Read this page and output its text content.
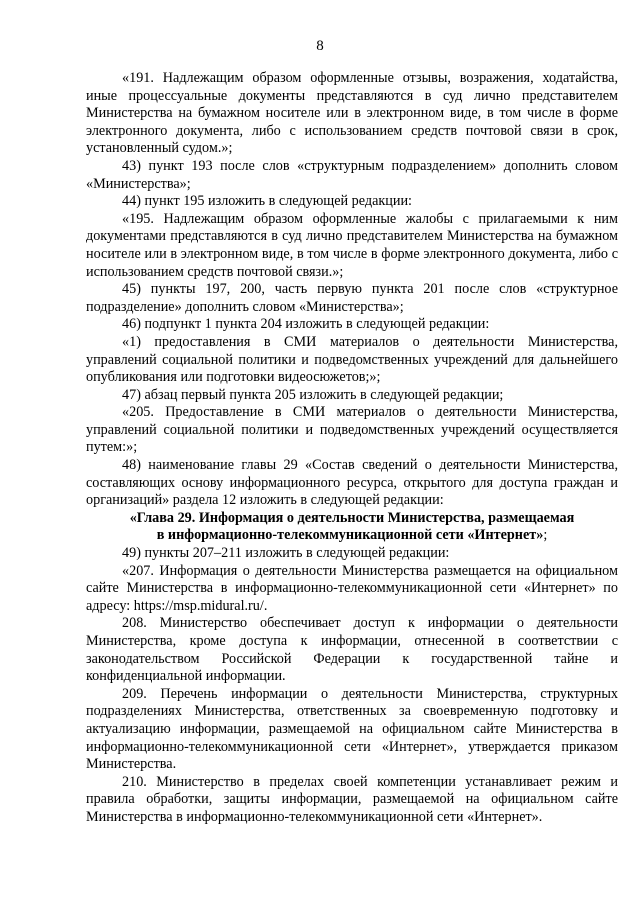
8

«191. Надлежащим образом оформленные отзывы, возражения, ходатайства, иные процессуальные документы представляются в суд лично представителем Министерства на бумажном носителе или в электронном виде, в том числе в форме электронного документа, либо с использованием средств почтовой связи в срок, установленный судом.»;

43) пункт 193 после слов «структурным подразделением» дополнить словом «Министерства»;

44) пункт 195 изложить в следующей редакции:

«195. Надлежащим образом оформленные жалобы с прилагаемыми к ним документами представляются в суд лично представителем Министерства на бумажном носителе или в электронном виде, в том числе в форме электронного документа, либо с использованием средств почтовой связи.»;

45) пункты 197, 200, часть первую пункта 201 после слов «структурное подразделение» дополнить словом «Министерства»;

46) подпункт 1 пункта 204 изложить в следующей редакции:

«1) предоставления в СМИ материалов о деятельности Министерства, управлений социальной политики и подведомственных учреждений для дальнейшего опубликования или подготовки видеосюжетов;»;

47) абзац первый пункта 205 изложить в следующей редакции;

«205. Предоставление в СМИ материалов о деятельности Министерства, управлений социальной политики и подведомственных учреждений осуществляется путем:»;

48) наименование главы 29 «Состав сведений о деятельности Министерства, составляющих основу информационного ресурса, открытого для доступа граждан и организаций» раздела 12 изложить в следующей редакции:

«Глава 29. Информация о деятельности Министерства, размещаемая
в информационно-телекоммуникационной сети «Интернет»;

49) пункты 207–211 изложить в следующей редакции:

«207. Информация о деятельности Министерства размещается на официальном сайте Министерства в информационно-телекоммуникационной сети «Интернет» по адресу: https://msp.midural.ru/.

208. Министерство обеспечивает доступ к информации о деятельности Министерства, кроме доступа к информации, отнесенной в соответствии с законодательством Российской Федерации к государственной тайне и конфиденциальной информации.

209. Перечень информации о деятельности Министерства, структурных подразделениях Министерства, ответственных за своевременную подготовку и актуализацию информации, размещаемой на официальном сайте Министерства в информационно-телекоммуникационной сети «Интернет», утверждается приказом Министерства.

210. Министерство в пределах своей компетенции устанавливает режим и правила обработки, защиты информации, размещаемой на официальном сайте Министерства в информационно-телекоммуникационной сети «Интернет».
